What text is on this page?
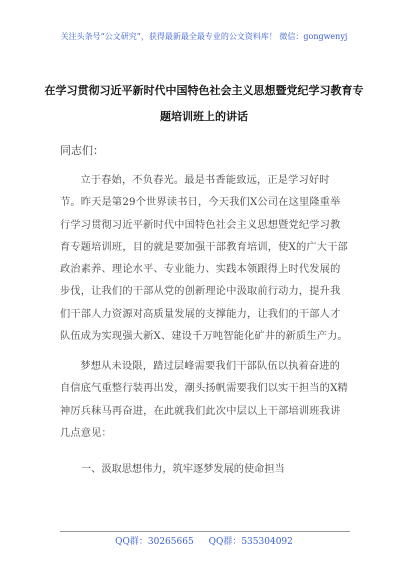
关注头条号“公文研究”，获得最新最全最专业的公文资料库！ 微信：gongwenyj
在学习贯彻习近平新时代中国特色社会主义思想暨党纪学习教育专题培训班上的讲话
同志们：

立于春始，不负春光。最是书香能致远，正是学习好时节。昨天是第29个世界读书日，今天我们X公司在这里隆重举行学习贯彻习近平新时代中国特色社会主义思想暨党纪学习教育专题培训班，目的就是要加强干部教育培训，使X的广大干部政治素养、理论水平、专业能力、实践本领跟得上时代发展的步伐，让我们的干部从党的创新理论中汲取前行动力，提升我们干部人力资源对高质量发展的支撑能力，让我们的干部人才队伍成为实现强大新X、建设千万吨智能化矿井的新质生产力。

梦想从未设限，踏过层峰需要我们干部队伍以执着奋进的自信底气重整行装再出发，潮头扬帆需要我们以实干担当的X精神厉兵秣马再奋进，在此就我们此次中层以上干部培训班我讲几点意见：

一、汲取思想伟力，筑牢逐梦发展的使命担当
QQ群：30265665 QQ群：535304092
